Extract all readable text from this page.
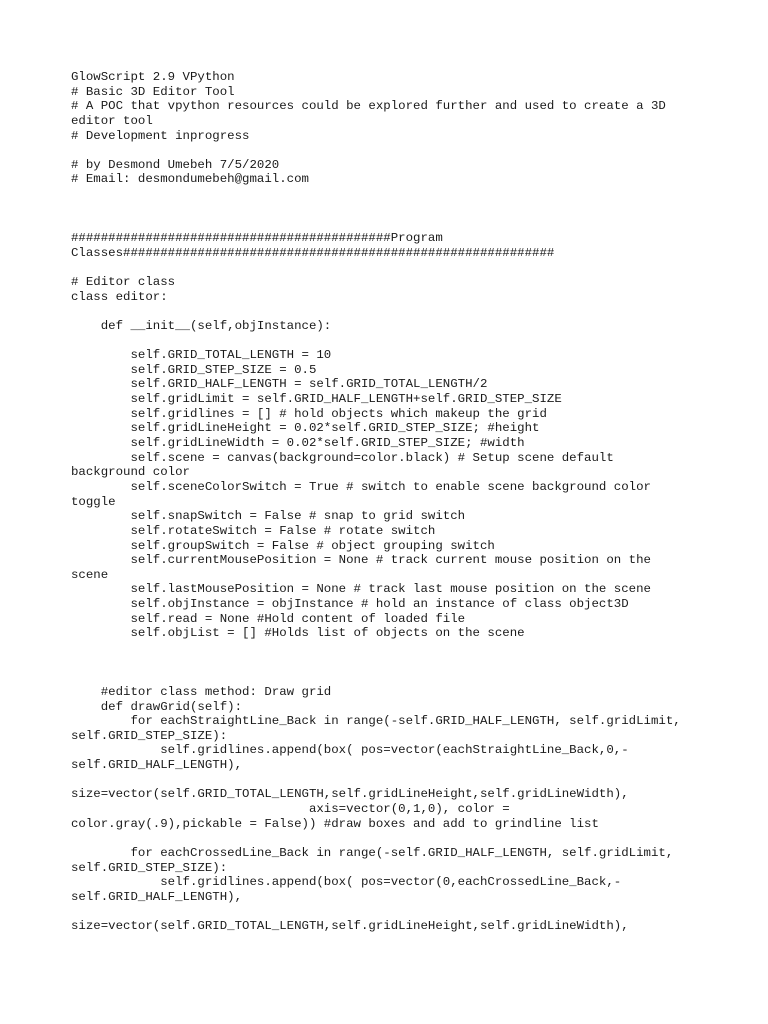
GlowScript 2.9 VPython
# Basic 3D Editor Tool
# A POC that vpython resources could be explored further and used to create a 3D
editor tool
# Development inprogress
# by Desmond Umebeh 7/5/2020
# Email: desmondumebeh@gmail.com
###########################################Program
Classes##########################################################
# Editor class
class editor:
def __init__(self,objInstance):
self.GRID_TOTAL_LENGTH = 10
self.GRID_STEP_SIZE = 0.5
self.GRID_HALF_LENGTH = self.GRID_TOTAL_LENGTH/2
self.gridLimit = self.GRID_HALF_LENGTH+self.GRID_STEP_SIZE
self.gridlines = [] # hold objects which makeup the grid
self.gridLineHeight = 0.02*self.GRID_STEP_SIZE; #height
self.gridLineWidth = 0.02*self.GRID_STEP_SIZE; #width
self.scene = canvas(background=color.black) # Setup scene default
background color
self.sceneColorSwitch = True # switch to enable scene background color
toggle
self.snapSwitch = False # snap to grid switch
self.rotateSwitch = False # rotate switch
self.groupSwitch = False # object grouping switch
self.currentMousePosition = None # track current mouse position on the
scene
self.lastMousePosition = None # track last mouse position on the scene
self.objInstance = objInstance # hold an instance of class object3D
self.read = None #Hold content of loaded file
self.objList = [] #Holds list of objects on the scene
#editor class method: Draw grid
def drawGrid(self):
for eachStraightLine_Back in range(-self.GRID_HALF_LENGTH, self.gridLimit,
self.GRID_STEP_SIZE):
self.gridlines.append(box( pos=vector(eachStraightLine_Back,0,-
self.GRID_HALF_LENGTH),
size=vector(self.GRID_TOTAL_LENGTH,self.gridLineHeight,self.gridLineWidth),
axis=vector(0,1,0), color =
color.gray(.9),pickable = False)) #draw boxes and add to grindline list
for eachCrossedLine_Back in range(-self.GRID_HALF_LENGTH, self.gridLimit,
self.GRID_STEP_SIZE):
self.gridlines.append(box( pos=vector(0,eachCrossedLine_Back,-
self.GRID_HALF_LENGTH),
size=vector(self.GRID_TOTAL_LENGTH,self.gridLineHeight,self.gridLineWidth),
